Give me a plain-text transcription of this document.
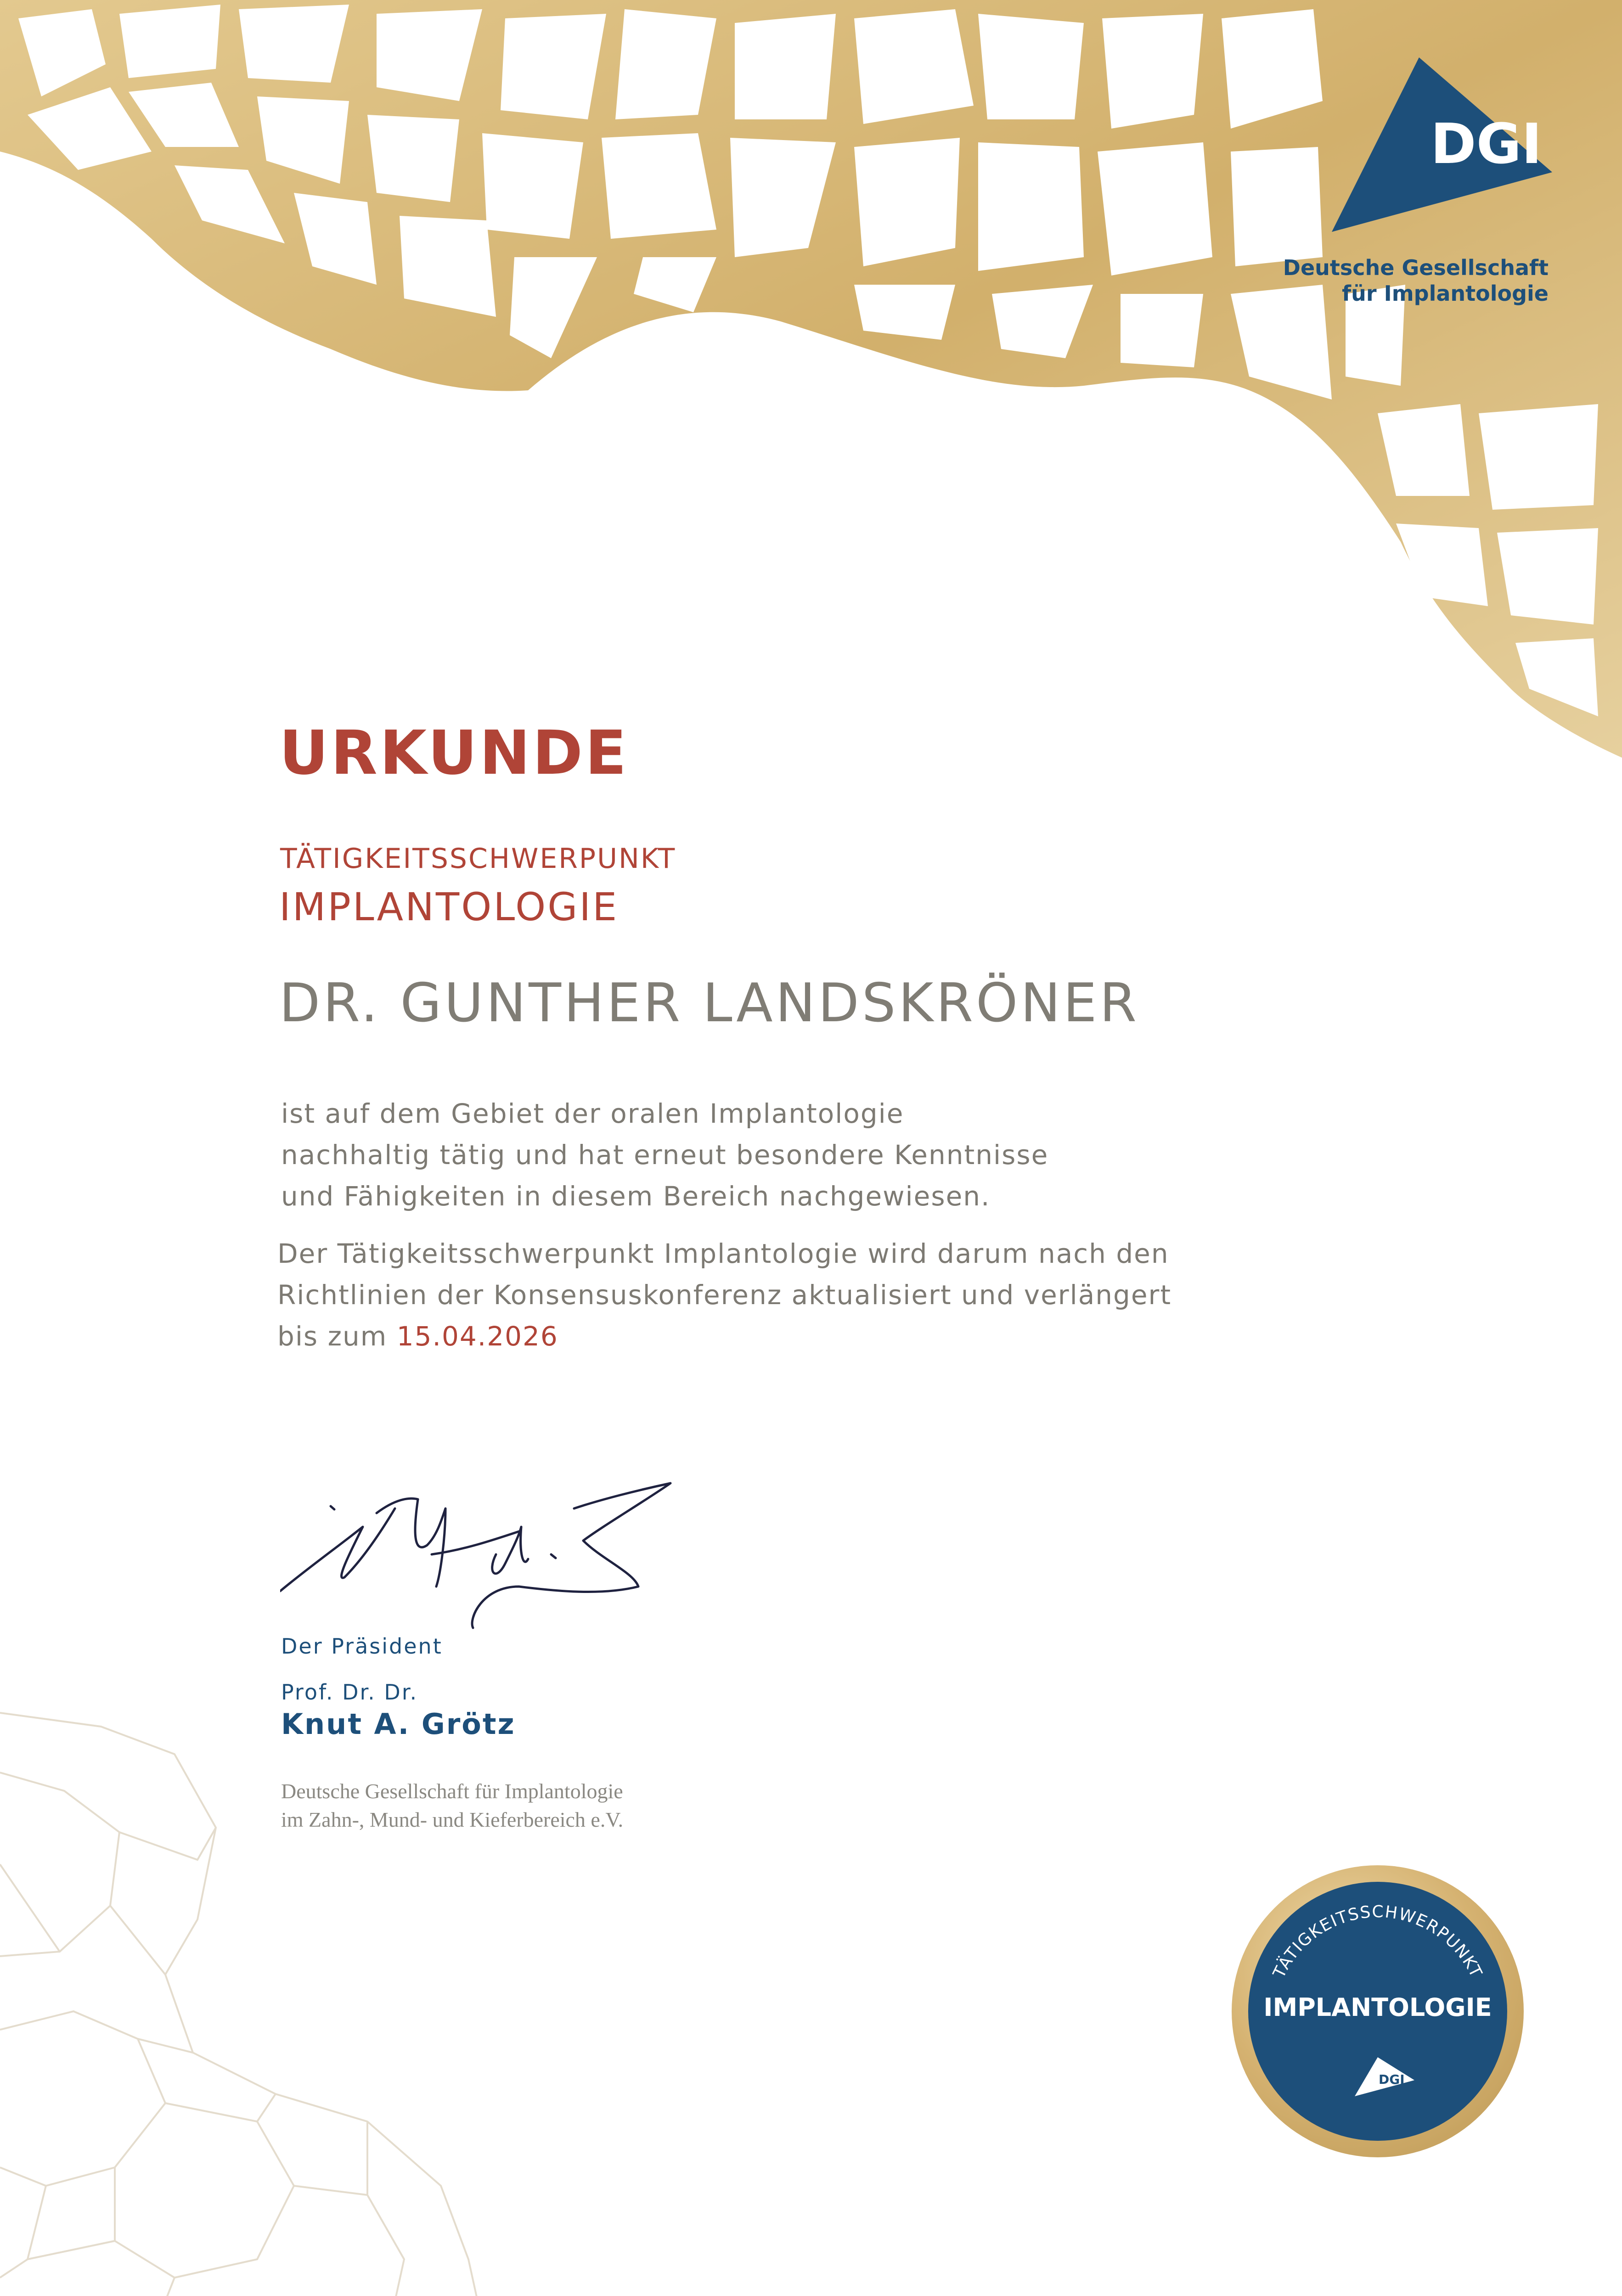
DGI
Deutsche Gesellschaft
für Implantologie
URKUNDE
TÄTIGKEITSSCHWERPUNKT
IMPLANTOLOGIE
DR. GUNTHER LANDSKRÖNER
ist auf dem Gebiet der oralen Implantologie
nachhaltig tätig und hat erneut besondere Kenntnisse
und Fähigkeiten in diesem Bereich nachgewiesen.
Der Tätigkeitsschwerpunkt Implantologie wird darum nach den
Richtlinien der Konsensuskonferenz aktualisiert und verlängert
bis zum 15.04.2026
Der Präsident
Prof. Dr. Dr.
Knut A. Grötz
Deutsche Gesellschaft für Implantologie
im Zahn-, Mund- und Kieferbereich e.V.
TÄTIGKEITSSCHWERPUNKT
IMPLANTOLOGIE
DGI
